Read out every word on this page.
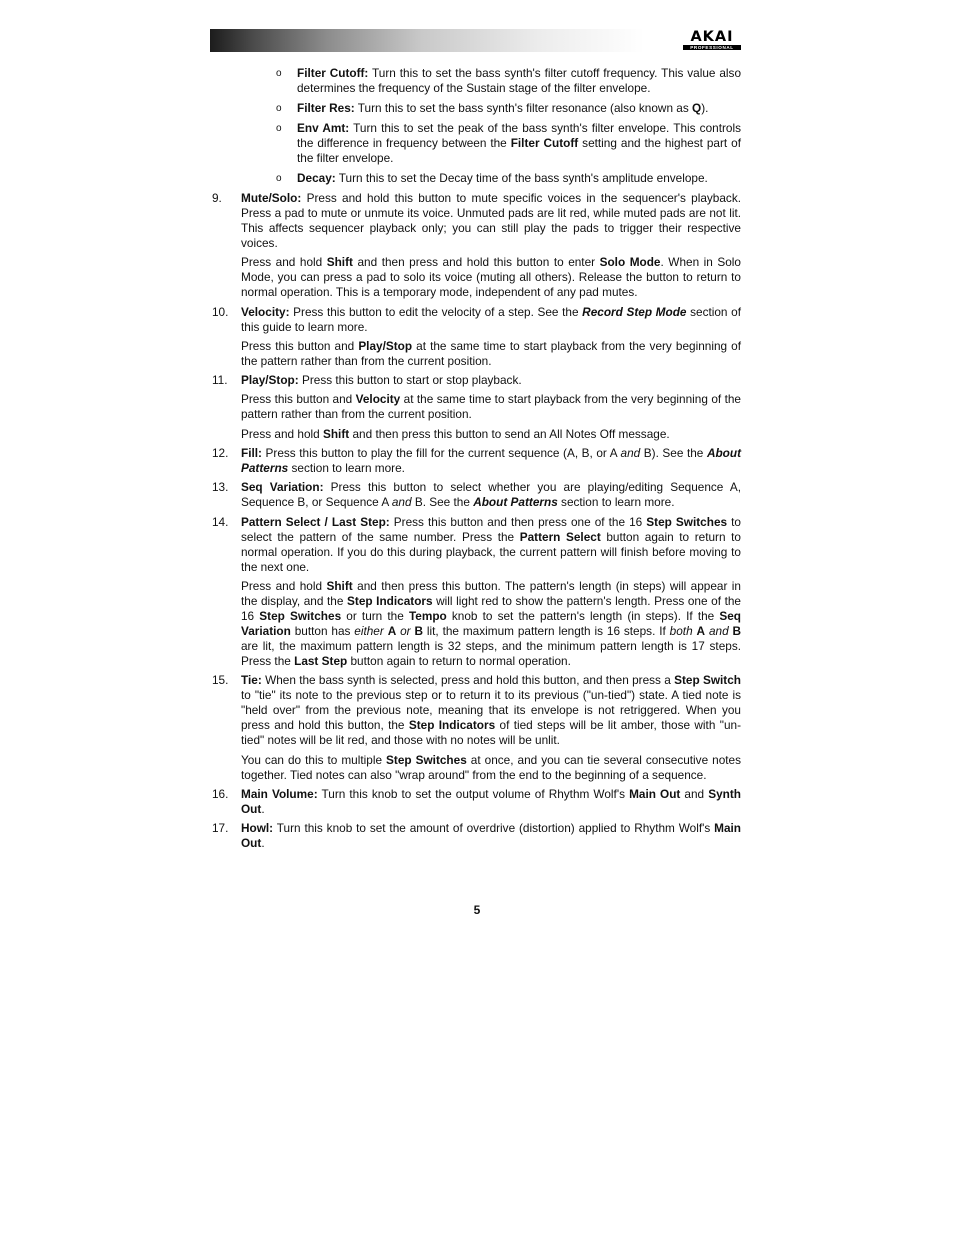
AKAI
PROFESSIONAL
o Filter Cutoff: Turn this to set the bass synth's filter cutoff frequency. This value also determines the frequency of the Sustain stage of the filter envelope.
o Filter Res: Turn this to set the bass synth's filter resonance (also known as Q).
o Env Amt: Turn this to set the peak of the bass synth's filter envelope. This controls the difference in frequency between the Filter Cutoff setting and the highest part of the filter envelope.
o Decay: Turn this to set the Decay time of the bass synth's amplitude envelope.
9. Mute/Solo: Press and hold this button to mute specific voices in the sequencer's playback. Press a pad to mute or unmute its voice. Unmuted pads are lit red, while muted pads are not lit. This affects sequencer playback only; you can still play the pads to trigger their respective voices.

Press and hold Shift and then press and hold this button to enter Solo Mode. When in Solo Mode, you can press a pad to solo its voice (muting all others). Release the button to return to normal operation. This is a temporary mode, independent of any pad mutes.

10. Velocity: Press this button to edit the velocity of a step. See the Record Step Mode section of this guide to learn more.

Press this button and Play/Stop at the same time to start playback from the very beginning of the pattern rather than from the current position.

11. Play/Stop: Press this button to start or stop playback.

Press this button and Velocity at the same time to start playback from the very beginning of the pattern rather than from the current position.

Press and hold Shift and then press this button to send an All Notes Off message.

12. Fill: Press this button to play the fill for the current sequence (A, B, or A and B). See the About Patterns section to learn more.

13. Seq Variation: Press this button to select whether you are playing/editing Sequence A, Sequence B, or Sequence A and B. See the About Patterns section to learn more.

14. Pattern Select / Last Step: Press this button and then press one of the 16 Step Switches to select the pattern of the same number. Press the Pattern Select button again to return to normal operation. If you do this during playback, the current pattern will finish before moving to the next one.

Press and hold Shift and then press this button. The pattern's length (in steps) will appear in the display, and the Step Indicators will light red to show the pattern's length. Press one of the 16 Step Switches or turn the Tempo knob to set the pattern's length (in steps). If the Seq Variation button has either A or B lit, the maximum pattern length is 16 steps. If both A and B are lit, the maximum pattern length is 32 steps, and the minimum pattern length is 17 steps. Press the Last Step button again to return to normal operation.

15. Tie: When the bass synth is selected, press and hold this button, and then press a Step Switch to "tie" its note to the previous step or to return it to its previous ("un-tied") state. A tied note is "held over" from the previous note, meaning that its envelope is not retriggered. When you press and hold this button, the Step Indicators of tied steps will be lit amber, those with "un-tied" notes will be lit red, and those with no notes will be unlit.

You can do this to multiple Step Switches at once, and you can tie several consecutive notes together. Tied notes can also "wrap around" from the end to the beginning of a sequence.

16. Main Volume: Turn this knob to set the output volume of Rhythm Wolf's Main Out and Synth Out.

17. Howl: Turn this knob to set the amount of overdrive (distortion) applied to Rhythm Wolf's Main Out.

5
